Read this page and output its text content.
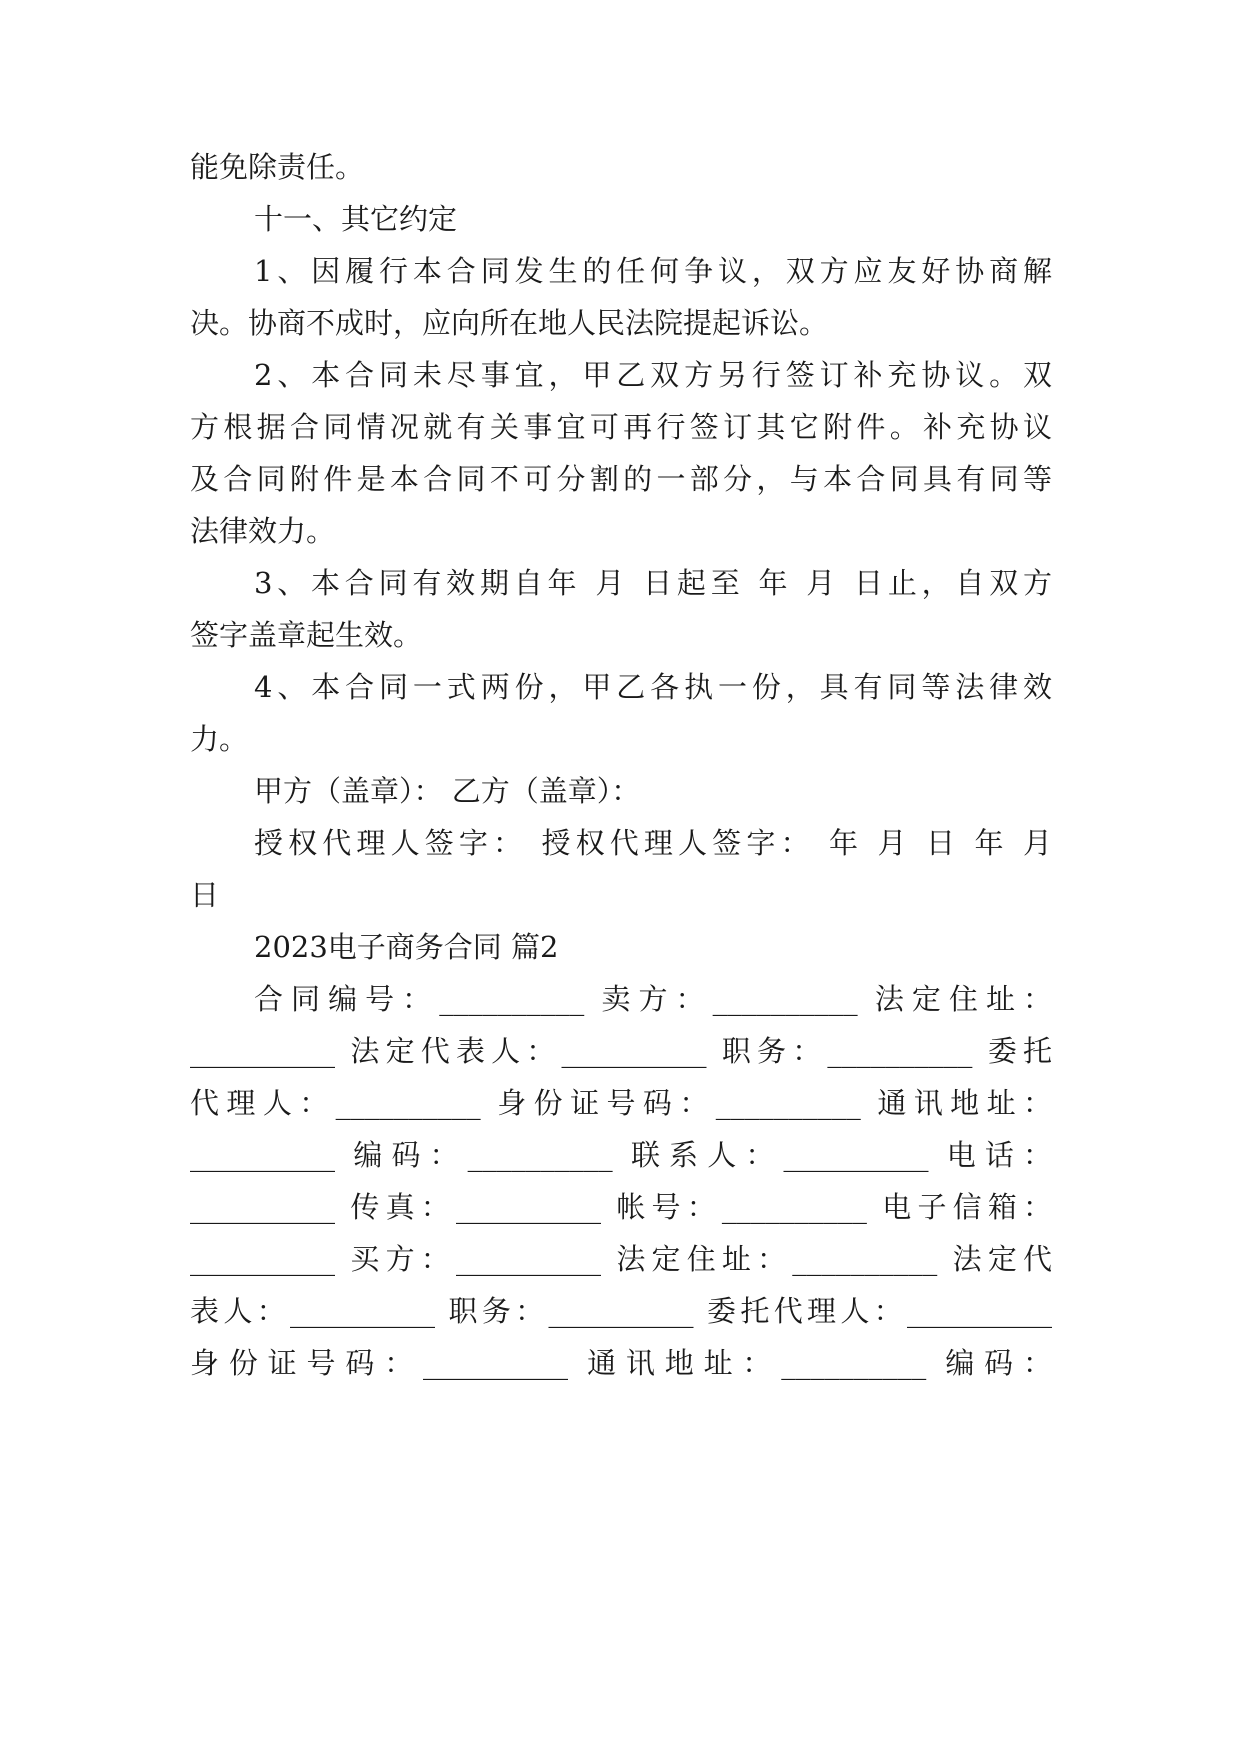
能免除责任。
十一、其它约定
1、因履行本合同发生的任何争议，双方应友好协商解
决。协商不成时，应向所在地人民法院提起诉讼。
2、本合同未尽事宜，甲乙双方另行签订补充协议。双
方根据合同情况就有关事宜可再行签订其它附件。补充协议
及合同附件是本合同不可分割的一部分，与本合同具有同等
法律效力。
3、本合同有效期自年 月 日起至 年 月 日止，自双方
签字盖章起生效。
4、本合同一式两份，甲乙各执一份，具有同等法律效
力。
甲方（盖章）： 乙方（盖章）：
授权代理人签字： 授权代理人签字： 年 月 日 年 月
日
2023电子商务合同 篇2
合同编号：__________ 卖方：__________ 法定住址：
__________ 法定代表人：__________ 职务：__________ 委托
代理人：__________ 身份证号码：__________ 通讯地址：
__________ 编码：__________ 联系人：__________ 电话：
__________ 传真：__________ 帐号：__________ 电子信箱：
__________ 买方：__________ 法定住址：__________ 法定代
表人：__________ 职务：__________ 委托代理人：__________
身份证号码：__________ 通讯地址：__________ 编码：
